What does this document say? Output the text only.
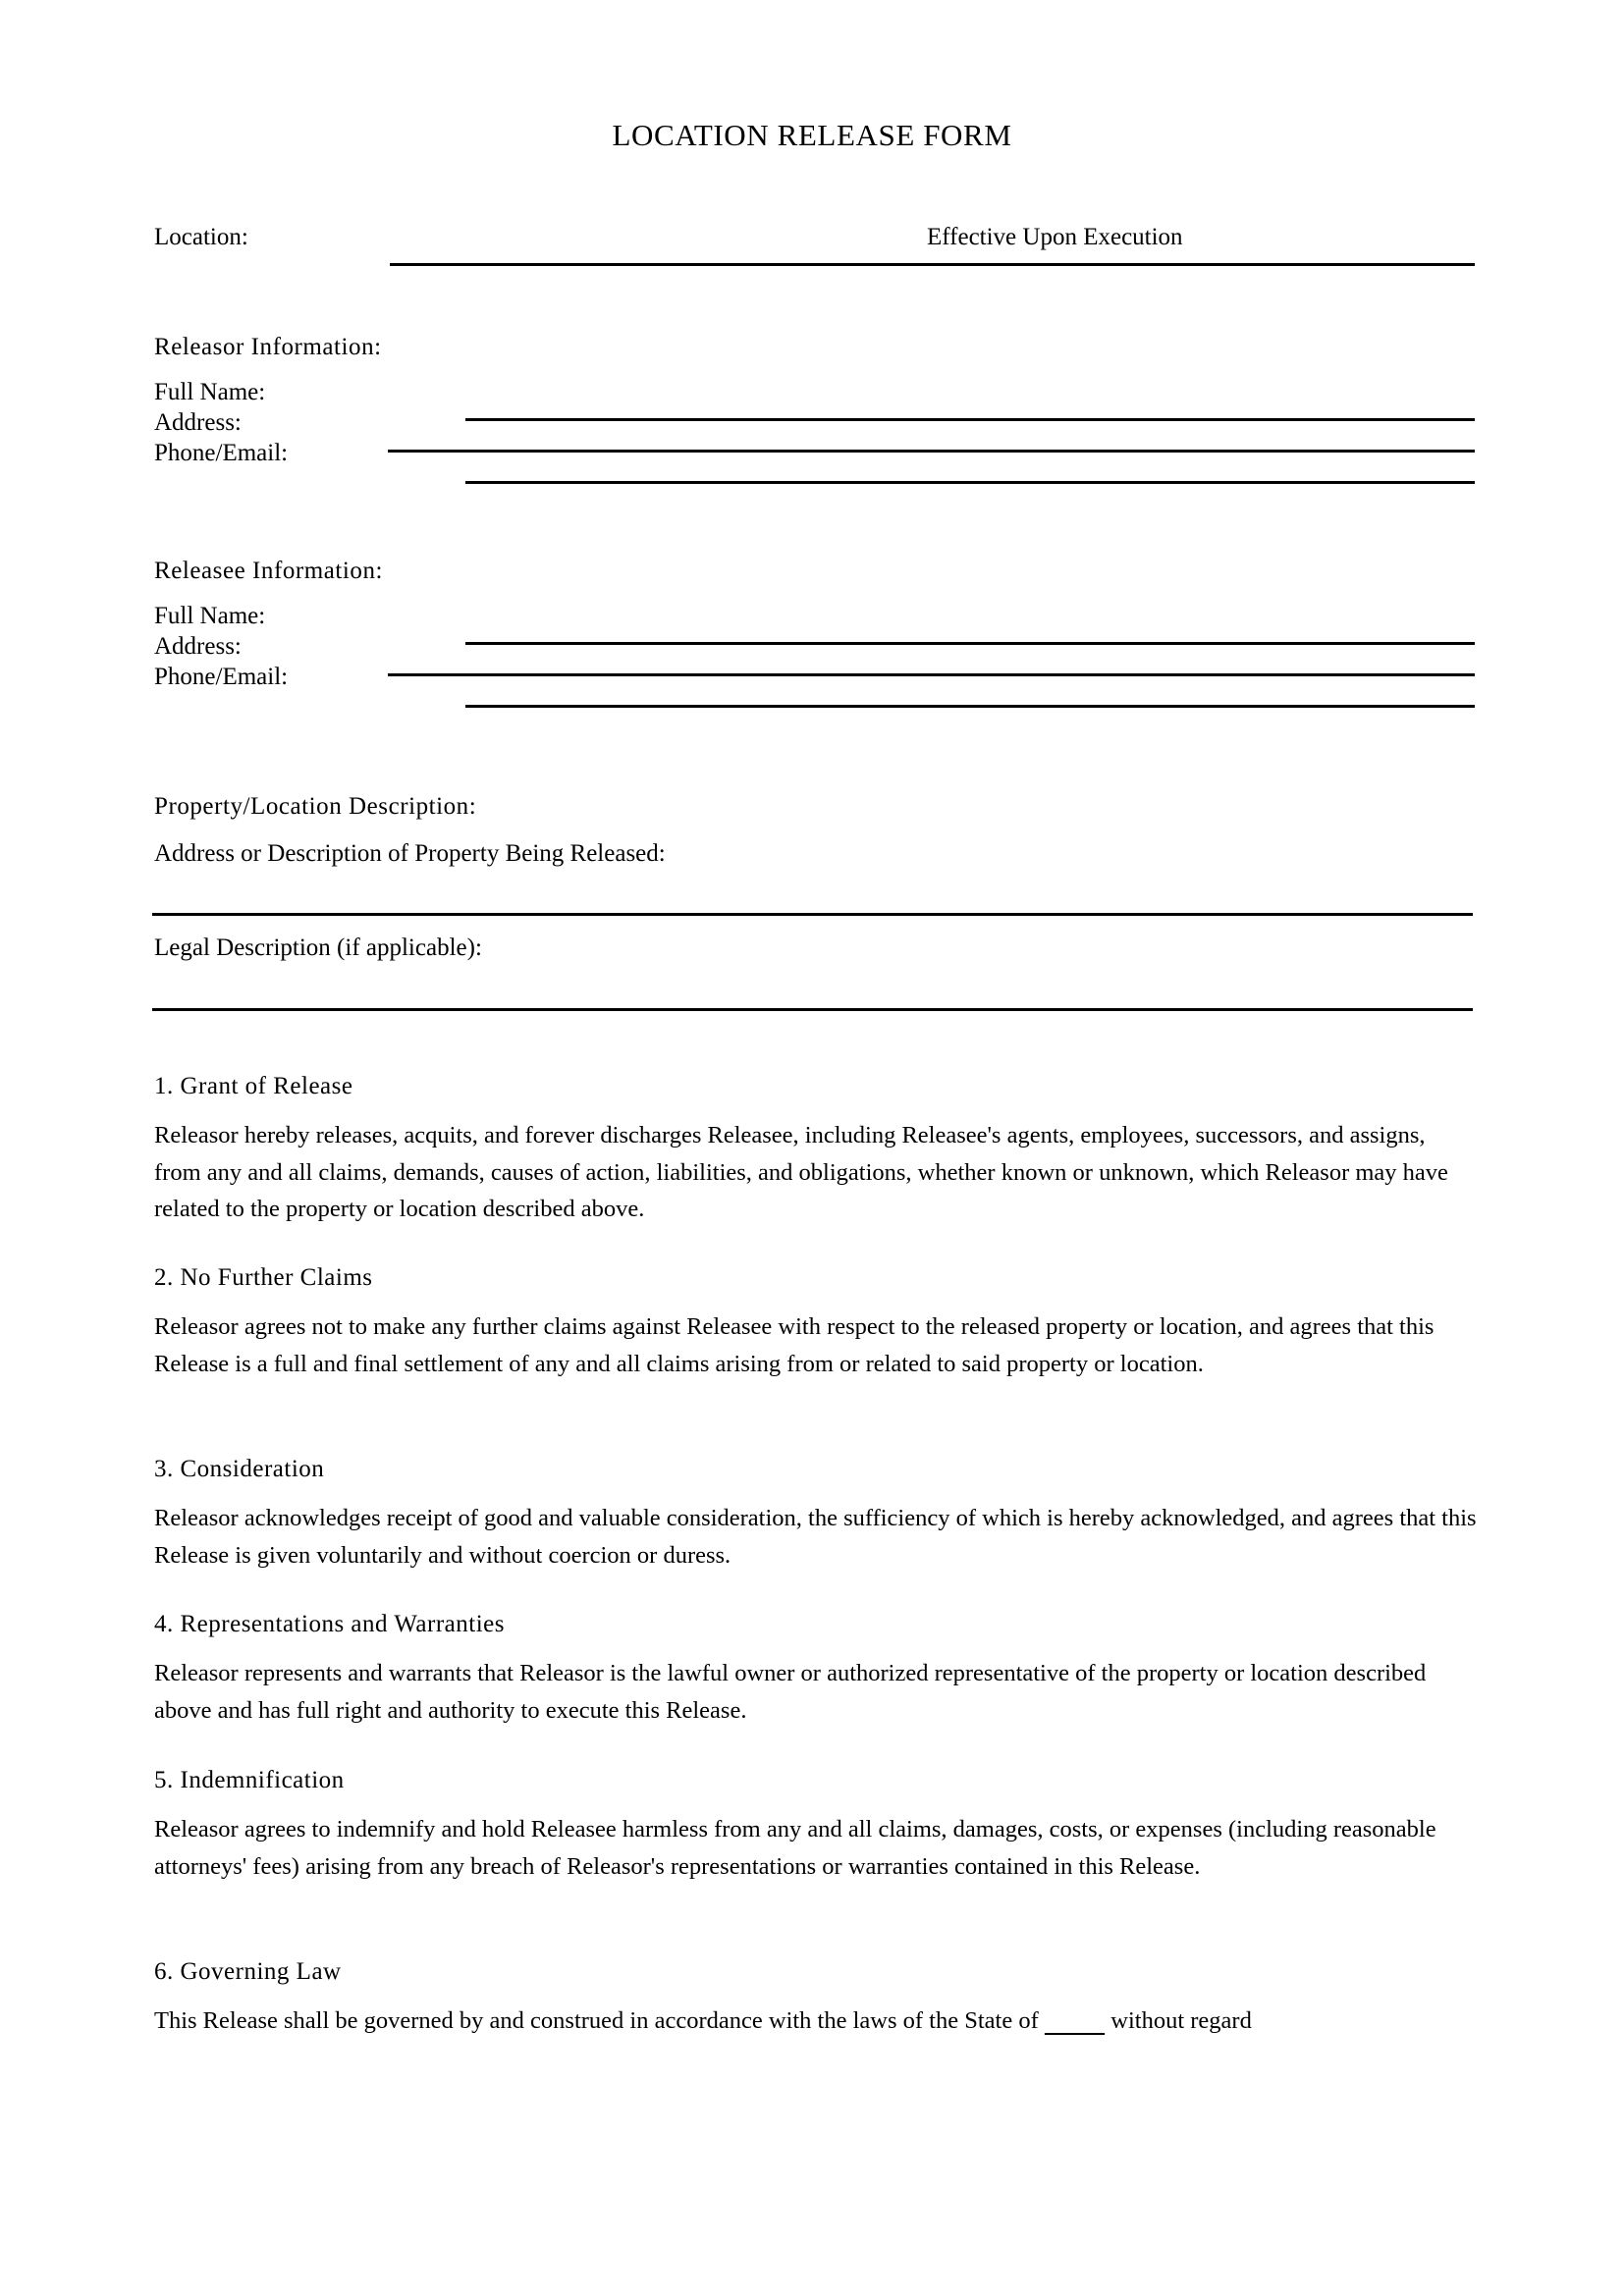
LOCATION RELEASE FORM
Location:	Effective Upon Execution
Releasor Information:
Full Name:
Address:
Phone/Email:
Releasee Information:
Full Name:
Address:
Phone/Email:
Property/Location Description:
Address or Description of Property Being Released:
Legal Description (if applicable):
1. Grant of Release
Releasor hereby releases, acquits, and forever discharges Releasee, including Releasee's agents, employees, successors, and assigns, from any and all claims, demands, causes of action, liabilities, and obligations, whether known or unknown, which Releasor may have related to the property or location described above.
2. No Further Claims
Releasor agrees not to make any further claims against Releasee with respect to the released property or location, and agrees that this Release is a full and final settlement of any and all claims arising from or related to said property or location.
3. Consideration
Releasor acknowledges receipt of good and valuable consideration, the sufficiency of which is hereby acknowledged, and agrees that this Release is given voluntarily and without coercion or duress.
4. Representations and Warranties
Releasor represents and warrants that Releasor is the lawful owner or authorized representative of the property or location described above and has full right and authority to execute this Release.
5. Indemnification
Releasor agrees to indemnify and hold Releasee harmless from any and all claims, damages, costs, or expenses (including reasonable attorneys' fees) arising from any breach of Releasor's representations or warranties contained in this Release.
6. Governing Law
This Release shall be governed by and construed in accordance with the laws of the State of	without regard
